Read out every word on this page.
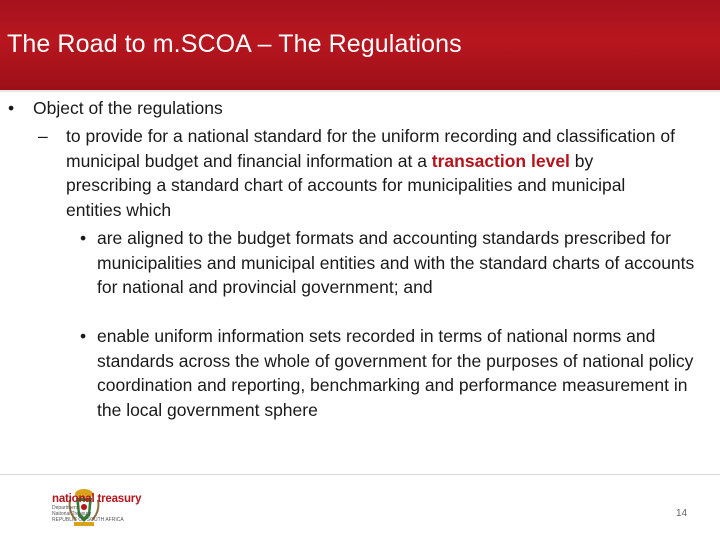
The Road to m.SCOA – The Regulations
• Object of the regulations
– to provide for a national standard for the uniform recording and classification of municipal budget and financial information at a transaction level by prescribing a standard chart of accounts for municipalities and municipal entities which
• are aligned to the budget formats and accounting standards prescribed for municipalities and municipal entities and with the standard charts of accounts for national and provincial government; and
• enable uniform information sets recorded in terms of national norms and standards across the whole of government for the purposes of national policy coordination and reporting, benchmarking and performance measurement in the local government sphere
national treasury
Department:
National Treasury
REPUBLIC OF SOUTH AFRICA
14
